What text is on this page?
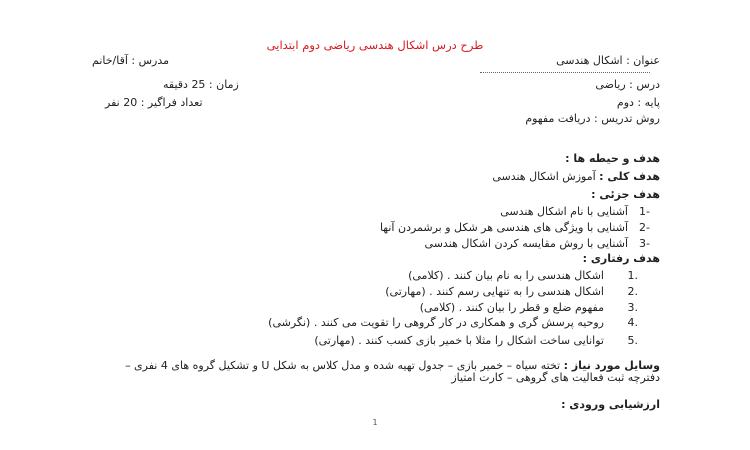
طرح درس اشکال هندسی ریاضی دوم ابتدایی
عنوان : اشکال هندسی
مدرس : آقا/خانم
درس : ریاضی
زمان : 25 دقیقه
پایه : دوم
تعداد فراگیر : 20 نفر
روش تدریس : دریافت مفهوم
هدف و حیطه ها :
هدف کلی : آموزش اشکال هندسی
هدف جزئی :
1-
آشنایی با نام اشکال هندسی
2-
آشنایی با ویژگی های هندسی هر شکل و برشمردن آنها
3-
آشنایی با روش مقایسه کردن اشکال هندسی
هدف رفتاری :
1.
اشکال هندسی را به نام بیان کنند . (کلامی)
2.
اشکال هندسی را به تنهایی رسم کنند . (مهارتی)
3.
مفهوم ضلع و قطر را بیان کنند . (کلامی)
4.
روحیه پرسش گری و همکاری در کار گروهی را تقویت می کنند . (نگرشی)
5.
توانایی ساخت اشکال را مثلا با خمیر بازی کسب کنند . (مهارتی)
وسایل مورد نیاز : تخته سیاه – خمیر بازی – جدول تهیه شده و مدل کلاس به شکل U و تشکیل گروه های 4 نفری – دفترچه ثبت فعالیت های گروهی – کارت امتیاز
ارزشیابی ورودی :
1
